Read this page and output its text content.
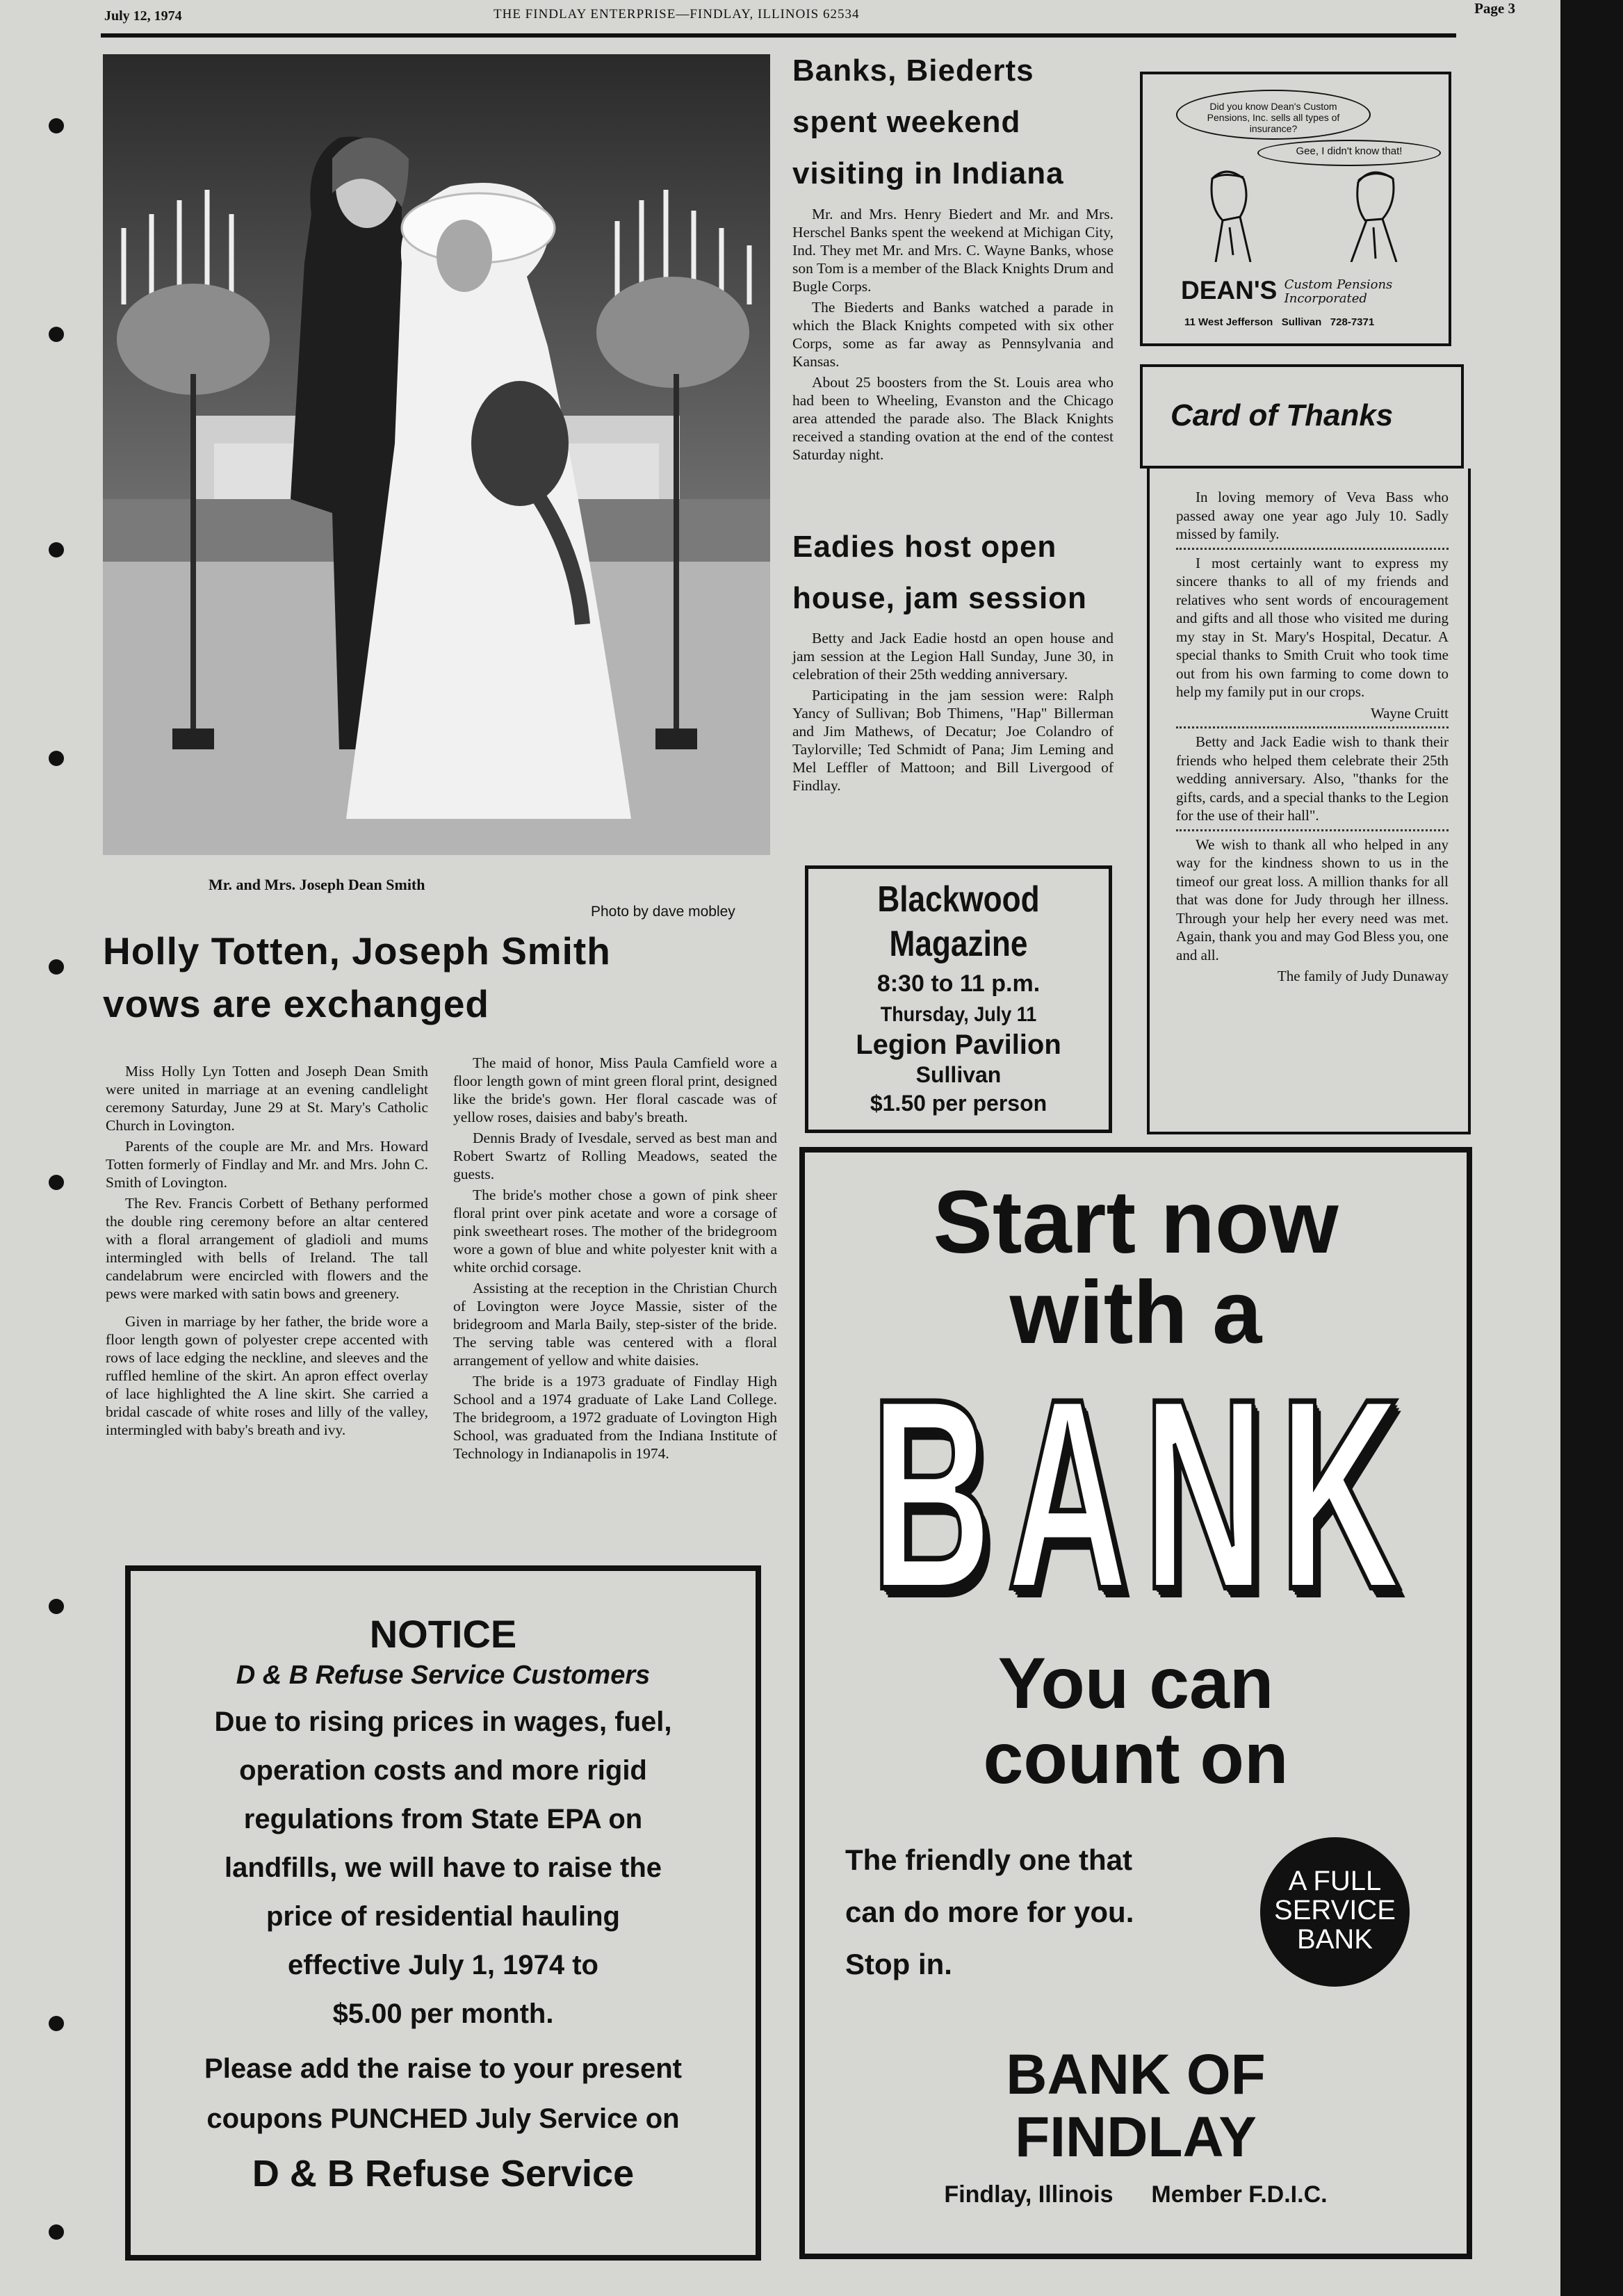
July 12, 1974	THE FINDLAY ENTERPRISE—FINDLAY, ILLINOIS 62534	Page 3
Mr. and Mrs. Joseph Dean Smith
Photo by dave mobley
Holly Totten, Joseph Smith
vows are exchanged

Miss Holly Lyn Totten and Joseph Dean Smith were united in marriage at an evening candlelight ceremony Saturday, June 29 at St. Mary's Catholic Church in Lovington.

Parents of the couple are Mr. and Mrs. Howard Totten formerly of Findlay and Mr. and Mrs. John C. Smith of Lovington.

The Rev. Francis Corbett of Bethany performed the double ring ceremony before an altar centered with a floral arrangement of gladioli and mums intermingled with bells of Ireland. The tall candelabrum were encircled with flowers and the pews were marked with satin bows and greenery.

Given in marriage by her father, the bride wore a floor length gown of polyester crepe accented with rows of lace edging the neckline, and sleeves and the ruffled hemline of the skirt. An apron effect overlay of lace highlighted the A line skirt. She carried a bridal cascade of white roses and lilly of the valley, intermingled with baby's breath and ivy.

The maid of honor, Miss Paula Camfield wore a floor length gown of mint green floral print, designed like the bride's gown. Her floral cascade was of yellow roses, daisies and baby's breath.

Dennis Brady of Ivesdale, served as best man and Robert Swartz of Rolling Meadows, seated the guests.

The bride's mother chose a gown of pink sheer floral print over pink acetate and wore a corsage of pink sweetheart roses. The mother of the bridegroom wore a gown of blue and white polyester knit with a white orchid corsage.

Assisting at the reception in the Christian Church of Lovington were Joyce Massie, sister of the bridegroom and Marla Baily, step-sister of the bride. The serving table was centered with a floral arrangement of yellow and white daisies.

The bride is a 1973 graduate of Findlay High School and a 1974 graduate of Lake Land College. The bridegroom, a 1972 graduate of Lovington High School, was graduated from the Indiana Institute of Technology in Indianapolis in 1974.

Banks, Biederts
spent weekend
visiting in Indiana

Mr. and Mrs. Henry Biedert and Mr. and Mrs. Herschel Banks spent the weekend at Michigan City, Ind. They met Mr. and Mrs. C. Wayne Banks, whose son Tom is a member of the Black Knights Drum and Bugle Corps.

The Biederts and Banks watched a parade in which the Black Knights competed with six other Corps, some as far away as Pennsylvania and Kansas.

About 25 boosters from the St. Louis area who had been to Wheeling, Evanston and the Chicago area attended the parade also. The Black Knights received a standing ovation at the end of the contest Saturday night.

Eadies host open
house, jam session

Betty and Jack Eadie hostd an open house and jam session at the Legion Hall Sunday, June 30, in celebration of their 25th wedding anniversary.

Participating in the jam session were: Ralph Yancy of Sullivan; Bob Thimens, "Hap" Billerman and Jim Mathews, of Decatur; Joe Colandro of Taylorville; Ted Schmidt of Pana; Jim Leming and Mel Leffler of Mattoon; and Bill Livergood of Findlay.

Did you know Dean's Custom Pensions, Inc. sells all types of insurance?
Gee, I didn't know that!
DEAN'S Custom Pensions Incorporated
11 West Jefferson   Sullivan   728-7371
Card of Thanks

In loving memory of Veva Bass who passed away one year ago July 10. Sadly missed by family.

I most certainly want to express my sincere thanks to all of my friends and relatives who sent words of encouragement and gifts and all those who visited me during my stay in St. Mary's Hospital, Decatur. A special thanks to Smith Cruit who took time out from his own farming to come down to help my family put in our crops.

Wayne Cruitt

Betty and Jack Eadie wish to thank their friends who helped them celebrate their 25th wedding anniversary. Also, "thanks for the gifts, cards, and a special thanks to the Legion for the use of their hall".

We wish to thank all who helped in any way for the kindness shown to us in the timeof our great loss. A million thanks for all that was done for Judy through her illness. Through your help her every need was met. Again, thank you and may God Bless you, one and all.

The family of Judy Dunaway
Blackwood
Magazine
8:30 to 11 p.m.
Thursday, July 11
Legion Pavilion
Sullivan
$1.50 per person
NOTICE
D & B Refuse Service Customers
Due to rising prices in wages, fuel,
operation costs and more rigid
regulations from State EPA on
landfills, we will have to raise the
price of residential hauling
effective July 1, 1974 to
$5.00 per month.
Please add the raise to your present
coupons PUNCHED July Service on
D & B Refuse Service
Start now
with a
B A N K
You can
count on
The friendly one that
can do more for you.
Stop in.
A FULL
SERVICE
BANK
BANK OF
FINDLAY
Findlay, Illinois Member F.D.I.C.
